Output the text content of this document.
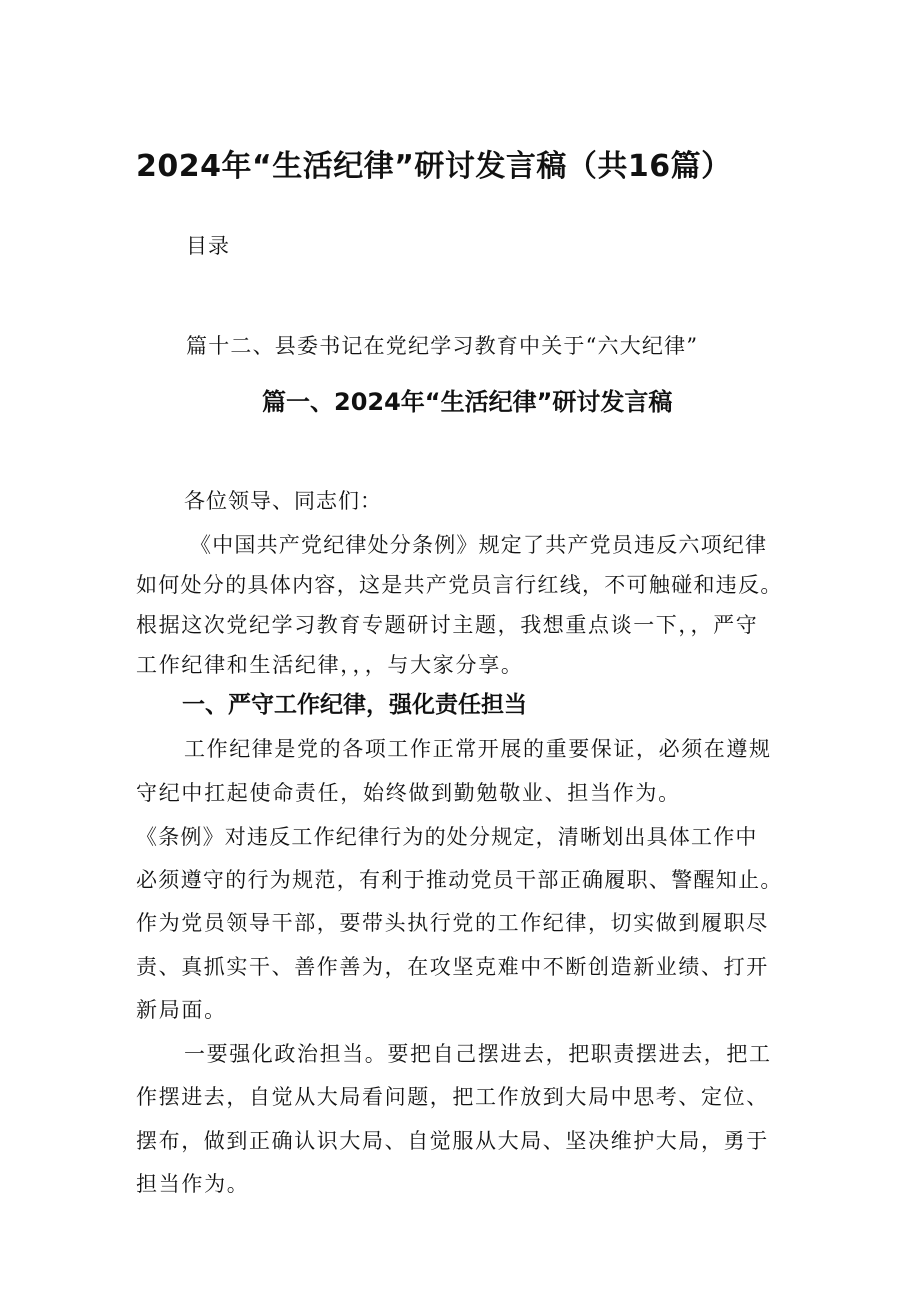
2024年“生活纪律”研讨发言稿（共16篇）
目录
篇十二、县委书记在党纪学习教育中关于“六大纪律”
篇一、2024年“生活纪律”研讨发言稿
各位领导、同志们：
《中国共产党纪律处分条例》规定了共产党员违反六项纪律
如何处分的具体内容，这是共产党员言行红线，不可触碰和违反。
根据这次党纪学习教育专题研讨主题，我想重点谈一下，，严守
工作纪律和生活纪律，，，与大家分享。
一、严守工作纪律，强化责任担当
工作纪律是党的各项工作正常开展的重要保证，必须在遵规
守纪中扛起使命责任，始终做到勤勉敬业、担当作为。
《条例》对违反工作纪律行为的处分规定，清晰划出具体工作中
必须遵守的行为规范，有利于推动党员干部正确履职、警醒知止。
作为党员领导干部，要带头执行党的工作纪律，切实做到履职尽
责、真抓实干、善作善为，在攻坚克难中不断创造新业绩、打开
新局面。
一要强化政治担当。要把自己摆进去，把职责摆进去，把工
作摆进去，自觉从大局看问题，把工作放到大局中思考、定位、
摆布，做到正确认识大局、自觉服从大局、坚决维护大局，勇于
担当作为。
